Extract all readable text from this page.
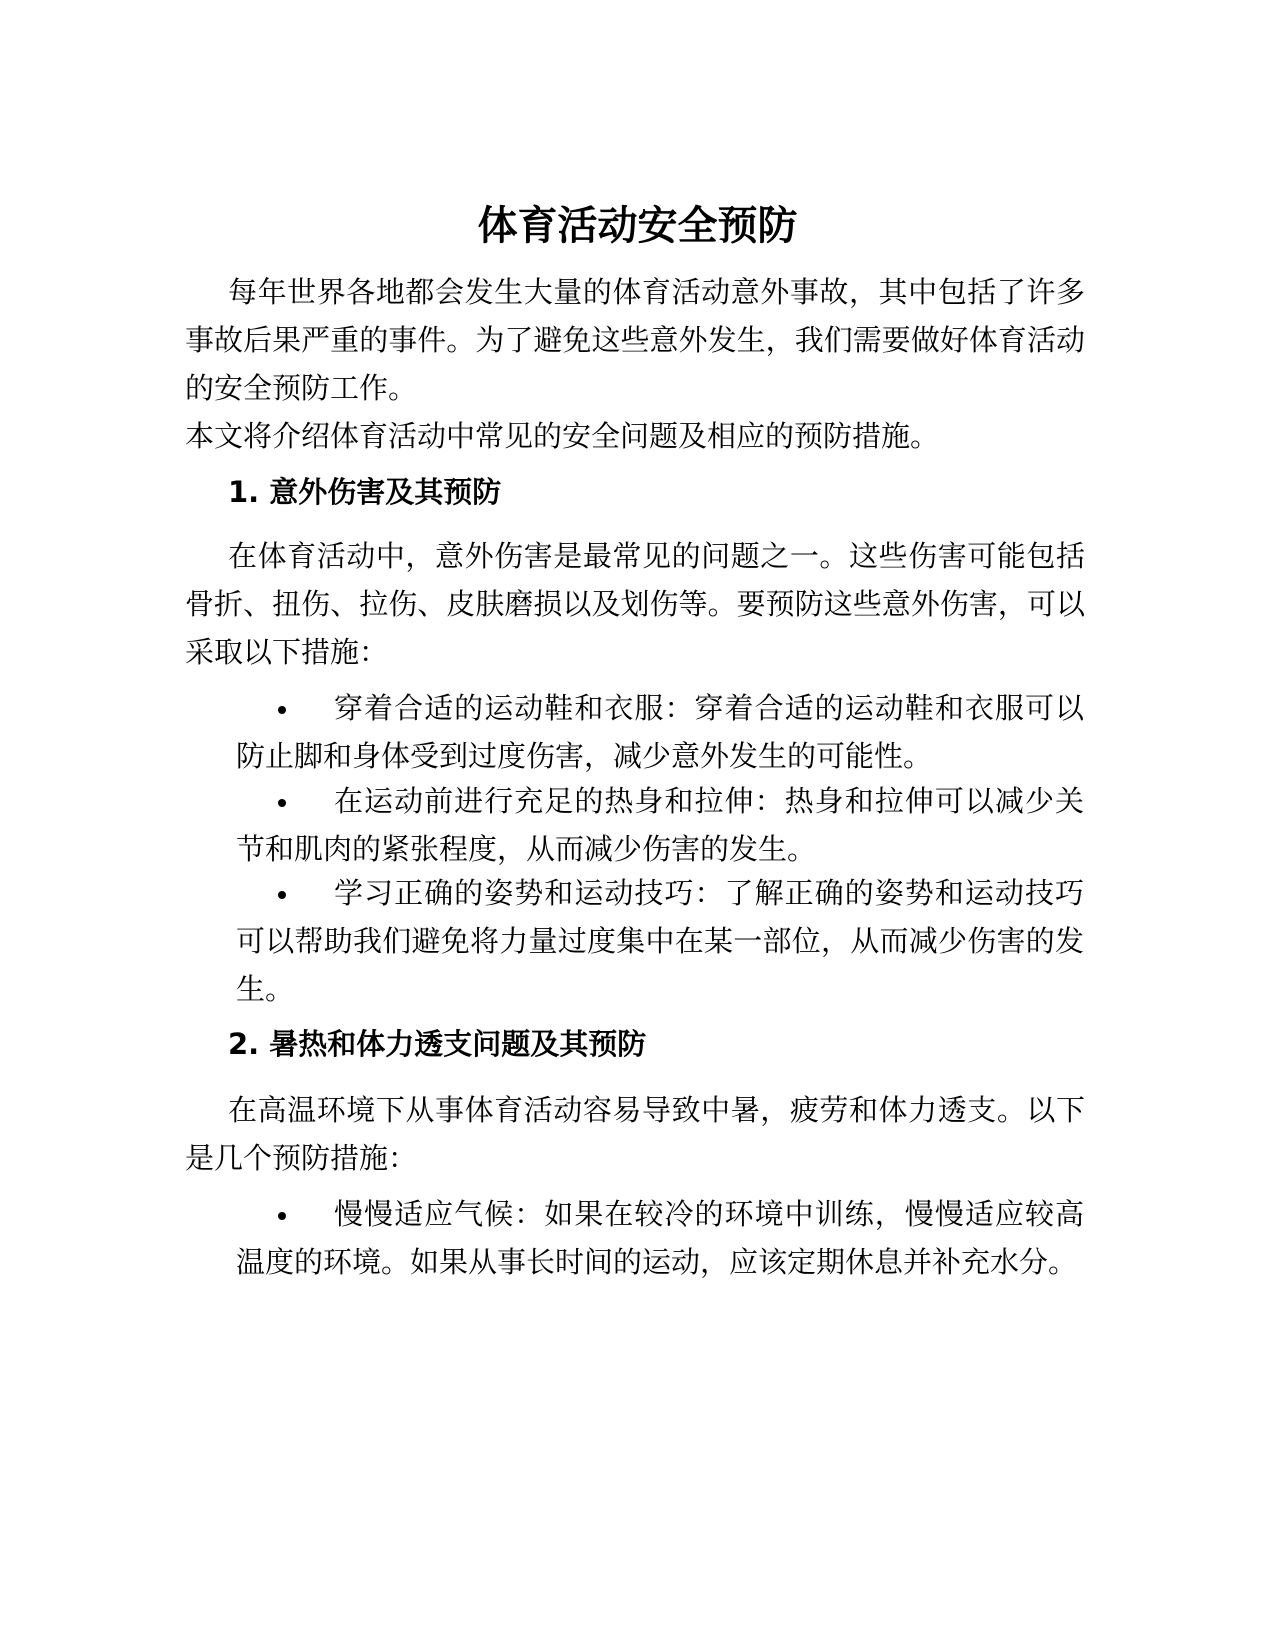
体育活动安全预防

每年世界各地都会发生大量的体育活动意外事故，其中包括了许多事故后果严重的事件。为了避免这些意外发生，我们需要做好体育活动的安全预防工作。

本文将介绍体育活动中常见的安全问题及相应的预防措施。

1. 意外伤害及其预防

在体育活动中，意外伤害是最常见的问题之一。这些伤害可能包括骨折、扭伤、拉伤、皮肤磨损以及划伤等。要预防这些意外伤害，可以采取以下措施：

穿着合适的运动鞋和衣服：穿着合适的运动鞋和衣服可以防止脚和身体受到过度伤害，减少意外发生的可能性。

在运动前进行充足的热身和拉伸：热身和拉伸可以减少关节和肌肉的紧张程度，从而减少伤害的发生。

学习正确的姿势和运动技巧：了解正确的姿势和运动技巧可以帮助我们避免将力量过度集中在某一部位，从而减少伤害的发生。

2. 暑热和体力透支问题及其预防

在高温环境下从事体育活动容易导致中暑，疲劳和体力透支。以下是几个预防措施：

慢慢适应气候：如果在较冷的环境中训练，慢慢适应较高温度的环境。如果从事长时间的运动，应该定期休息并补充水分。
